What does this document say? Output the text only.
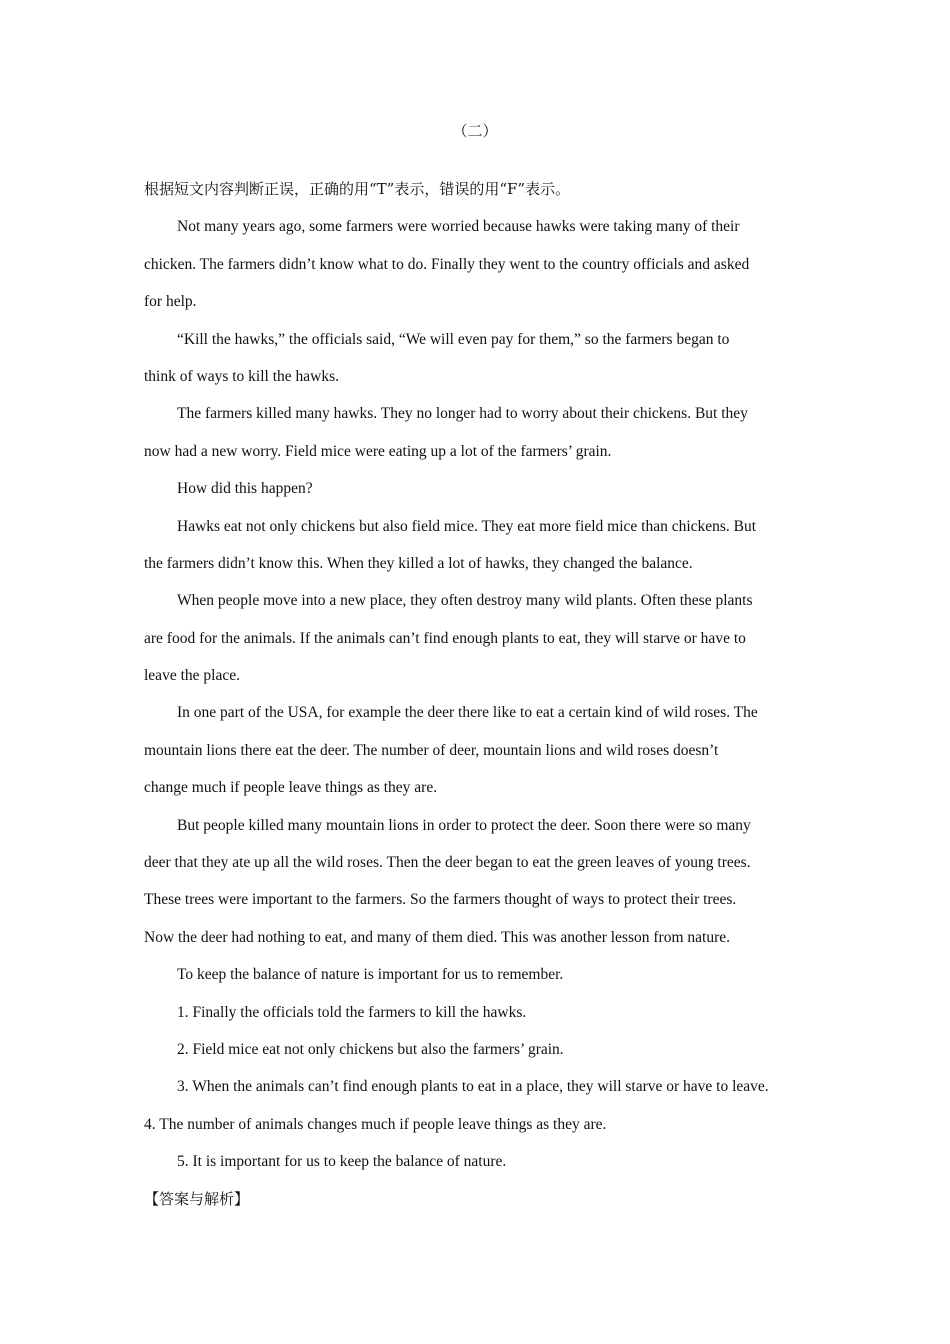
（二）
根据短文内容判断正误，正确的用“T”表示，错误的用“F”表示。
Not many years ago, some farmers were worried because hawks were taking many of their
chicken. The farmers didn’t know what to do. Finally they went to the country officials and asked
for help.
“Kill the hawks,” the officials said, “We will even pay for them,” so the farmers began to
think of ways to kill the hawks.
The farmers killed many hawks. They no longer had to worry about their chickens. But they
now had a new worry. Field mice were eating up a lot of the farmers’ grain.
How did this happen?
Hawks eat not only chickens but also field mice. They eat more field mice than chickens. But
the farmers didn’t know this. When they killed a lot of hawks, they changed the balance.
When people move into a new place, they often destroy many wild plants. Often these plants
are food for the animals. If the animals can’t find enough plants to eat, they will starve or have to
leave the place.
In one part of the USA, for example the deer there like to eat a certain kind of wild roses. The
mountain lions there eat the deer. The number of deer, mountain lions and wild roses doesn’t
change much if people leave things as they are.
But people killed many mountain lions in order to protect the deer. Soon there were so many
deer that they ate up all the wild roses. Then the deer began to eat the green leaves of young trees.
These trees were important to the farmers. So the farmers thought of ways to protect their trees.
Now the deer had nothing to eat, and many of them died. This was another lesson from nature.
To keep the balance of nature is important for us to remember.
1. Finally the officials told the farmers to kill the hawks.
2. Field mice eat not only chickens but also the farmers’ grain.
3. When the animals can’t find enough plants to eat in a place, they will starve or have to leave.
4. The number of animals changes much if people leave things as they are.
5. It is important for us to keep the balance of nature.
【答案与解析】
